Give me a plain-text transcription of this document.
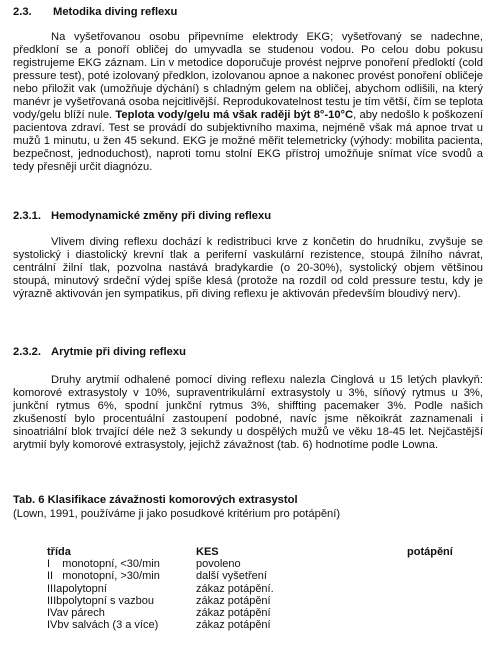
2.3. Metodika diving reflexu
Na vyšetřovanou osobu připevníme elektrody EKG; vyšetřovaný se nadechne, předkloní se a ponoří obličej do umyvadla se studenou vodou. Po celou dobu pokusu registrujeme EKG záznam. Lin v metodice doporučuje provést nejprve ponoření předloktí (cold pressure test), poté izolovaný předklon, izolovanou apnoe a nakonec provést ponoření obličeje nebo přiložit vak (umožňuje dýchání) s chladným gelem na obličej, abychom odlišili, na který manévr je vyšetřovaná osoba nejcitlivější. Reprodukovatelnost testu je tím větší, čím se teplota vody/gelu blíží nule. Teplota vody/gelu má však raději být 8°-10°C, aby nedošlo k poškození pacientova zdraví. Test se provádí do subjektivního maxima, nejméně však má apnoe trvat u mužů 1 minutu, u žen 45 sekund. EKG je možné měřit telemetricky (výhody: mobilita pacienta, bezpečnost, jednoduchost), naproti tomu stolní EKG přístroj umožňuje snímat více svodů a tedy přesněji určit diagnózu.
2.3.1. Hemodynamické změny při diving reflexu
Vlivem diving reflexu dochází k redistribuci krve z končetin do hrudníku, zvyšuje se systolický i diastolický krevní tlak a periferní vaskulární rezistence, stoupá žilního návrat, centrální žilní tlak, pozvolna nastává bradykardie (o 20-30%), systolický objem většinou stoupá, minutový srdeční výdej spíše klesá (protože na rozdíl od cold pressure testu, kdy je výrazně aktivován jen sympatikus, při diving reflexu je aktivován především bloudivý nerv).
2.3.2. Arytmie při diving reflexu
Druhy arytmií odhalené pomocí diving reflexu nalezla Cinglová u 15 letých plavkyň: komorové extrasystoly v 10%, supraventrikulární extrasystoly u 3%, síňový rytmus u 3%, junkční rytmus 6%, spodní junkční rytmus 3%, shiffting pacemaker 3%. Podle našich zkušeností bylo procentuální zastoupení podobné, navíc jsme někoikrát zaznamenali i sinoatriální blok trvající déle než 3 sekundy u dospělých mužů ve věku 18-45 let. Nejčastější arytmií byly komorové extrasystoly, jejichž závažnost (tab. 6) hodnotíme podle Lowna.
Tab. 6 Klasifikace závažnosti komorových extrasystol
(Lown, 1991, používáme ji jako posudkové kritérium pro potápění)
třída	KES	potápění
I    monotopní, <30/min	povoleno	
II   monotopní, >30/min	další vyšetření	
IIIapolytopní	zákaz potápění.	
IIIbpolytopní s vazbou	zákaz potápění	
IVav párech	zákaz potápění	
IVbv salvách (3 a více)	zákaz potápění	
